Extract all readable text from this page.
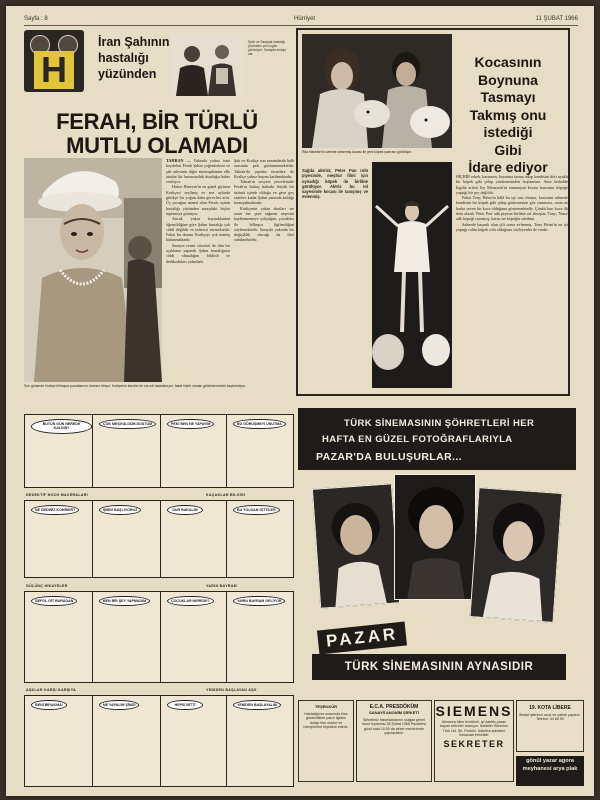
Sayfa : 8	Hürriyet	11 ŞUBAT 1966
H
İran Şahının
hastalığı
yüzünden
Şahlı ve Sarayda hastalığı yüzünden çok üzgün görünüyor. Sarayda endişe var.
FERAH, BİR TÜRLÜ MUTLU OLAMADI

TAHRAN — Yakında yalnız ismi kaydolan Ferah Şahın yeğenlerinin ve şah ailesinin diğer mensuplarının elle tutulur bir huzursuzluk duyduğu haber veriliyor.

Hafızı Hüseyin'in en güzel giyinen Kraliçesi seçilmiş ve son aylarda gittikçe bir yoğun daha görevleri arttı. Üç çocuğun annesi olan Ferah, eşinin hastalığı yüzünden saraydaki hiçbir toplantıya gitmiyor.

Ancak yakın kaynaklardan öğrenildiğine göre Şahın hastalığı çok ciddi değildir ve tedavisi sürmektedir. Fakat bu durum Kraliçeyi çok üzmüş bulunmaktadır.

Sarayın resmi sözcüsü de dün bir açıklama yaparak Şahın hastalığının ciddi olmadığını bildirdi ve dedikoduları yalanladı.

Şah ve Kraliçe son zamanlarda halk arasında pek görünmemektedir. Tahran'da yapılan törenlere de Kraliçe yalnız başına katılmaktadır.

Tahran'ın sosyete çevrelerinde Ferah'ın birkaç haftadır büyük bir üzüntü içinde olduğu ve gece geç saatlere kadar Şahın yanında kaldığı konuşulmaktadır.

Kraliçenin yakın dostları ise onun her şeye rağmen neşesini kaybetmemeye çalıştığını, çocukları ile bilhaşsa ilgilendiğini söylemektedir. Sarayda yakında bir değişiklik olacağı da ileri sürülmektedir.

Son günlerde Kraliçe bilhaşsa çocuklarının üzerine titriyor. Kraliçenin kendisi de sık sık hastalanıyor, fakat hiçbir zaman gülümsemesini kaybetmiyor.
Rita Hasekin'in üzerine cekermiş kocası ile yeni köpek yavrusu görülüyor.
Kocasının
Boynuna
Tasmayı
Takmış onu
istediği
Gibi
İdare ediyor

Sağda aktrist, Peter Pan rolü piyesinde, meşhur filmi için oynadığı köpek ile birlikte görülüyor. Aktris bu rol sayesinde kocası ile tanışmış ve evlenmiş.

HİÇBİR erkek, karısının, boynuna tasma takıp kendisini dört ayaklı bir köpek gibi çekip yürütmesinden hoşlanmaz. Ama herhalde İngiliz artisti Joy Menzurin'in tanımayan kocası karısının köpeğe yaptığı bir şey değildir.

Fakat Tony Heim'in hâlâ bu işe razı olması, karısının sahnede kendisini bir köpek gibi çekip götürmesine göz yumması, onun ne kadar seven bir koca olduğunu göstermektedir. Çünkü karı koca ilk defa olarak 'Peter Pan' adlı piyeste birlikte rol almışlar. Tony, 'Nana' adlı köpeği oynamış, karısı ise köpeğin sahibini.

Sahnede başarılı olan çift sonra evlenmiş. Tony Heim'in en iyi yaptığı rolün köpek rolü olduğunu söyleyenler de vardır.

BUTÜN GÜN NEREDE KALDIN?
ÇOK MEŞGULDÜM DOSTUM	PEKİ BEN NE YAPAYIM	BU GÖRÜŞMEYİ UNUTMA
DEDEKTİF NOCH MACERALARI	KAÇAKLAR BİLGİSİ
NE DEDİNİZ KOMİSER?	ŞİMDİ BAŞLIYORUZ	DUR BAKALIM	BU YOLDAN GİTTİLER
GÜLÜNÇ HİKAYELER	YARIN BAYRAM
DEFOL GİT BURADAN	BEN BİR ŞEY YAPMADIM	ÇOCUKLAR NEREDE?	YARIN BAYRAM GELİYOR
AŞKLAR KARŞI KARŞIYA	YENİDEN BAŞLAYAN AŞK
BENİ BIRAKMA!	NE YAPALIM ŞİMDİ	HEPSİ BİTTİ	YENİDEN BAŞLAYALIM
TÜRK SİNEMASININ ŞÖHRETLERİ HER
HAFTA EN GÜZEL FOTOĞRAFLARIYLA
PAZAR'DA BULUŞURLAR...
PAZAR
TÜRK SİNEMASININ AYNASIDIR
TEŞEKKÜR
Hastalığımız sırasında bize gösterdikleri yakın ilgiden dolayı tüm doktor ve hemşirelere teşekkür ederiz.
E.C.A. PRESDÖKÜM
SANAYİİ ANONİM ŞİRKETİ
Şirketimiz hissedarlarının olağan genel kurul toplantısı 28 Şubat 1966 Pazartesi günü saat 10.00 da şirket merkezinde yapılacaktır.
SIEMENS
Almanca bilen tecrübeli, iyi daktilo yazan bayan sekreter aranıyor. İstekliler Siemens Türk Ltd. Şti. Fındıklı, İstanbul adresine müracaat etmelidir.
SEKRETER
19. KOTA LİBERE
ithalat işlerinizi ucuz ve çabuk yaparız. Telefon: 44 66 90
gönül yazar agora meyhanesi arya plak
